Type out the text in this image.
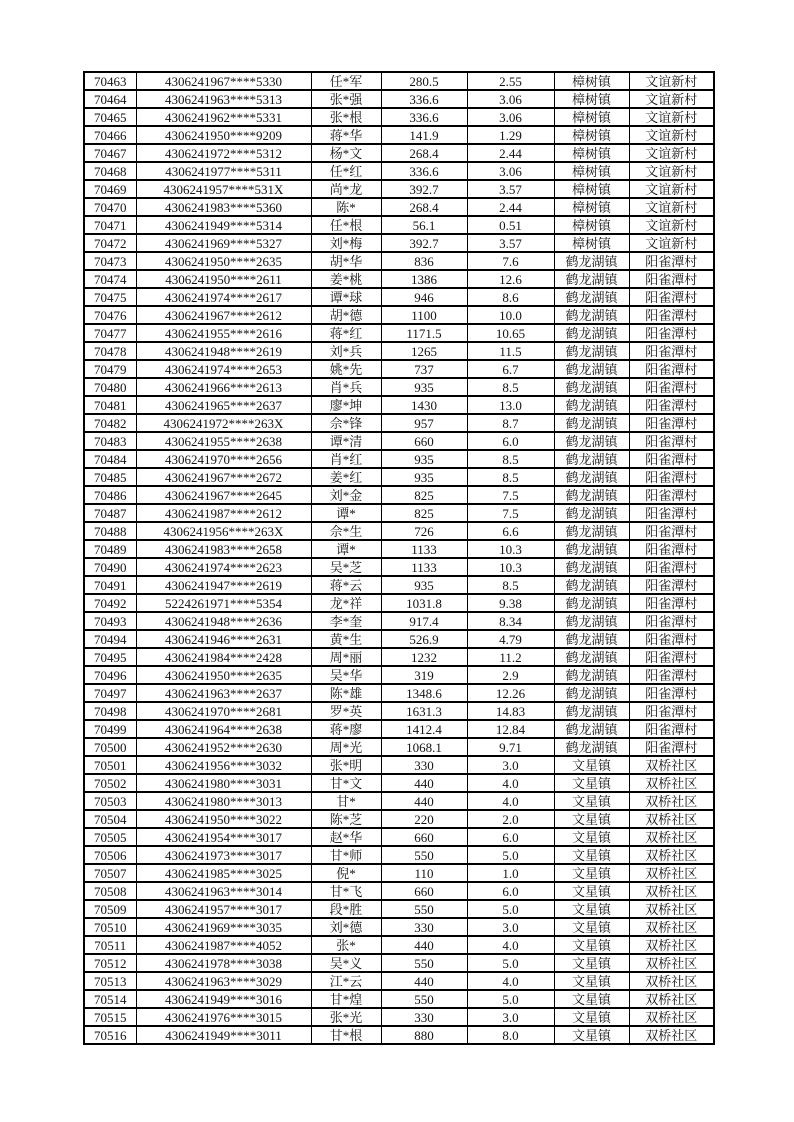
70463	4306241967****5330	任*军	280.5	2.55	樟树镇	文谊新村
70464	4306241963****5313	张*强	336.6	3.06	樟树镇	文谊新村
70465	4306241962****5331	张*根	336.6	3.06	樟树镇	文谊新村
70466	4306241950****9209	蒋*华	141.9	1.29	樟树镇	文谊新村
70467	4306241972****5312	杨*文	268.4	2.44	樟树镇	文谊新村
70468	4306241977****5311	任*红	336.6	3.06	樟树镇	文谊新村
70469	4306241957****531X	尚*龙	392.7	3.57	樟树镇	文谊新村
70470	4306241983****5360	陈*	268.4	2.44	樟树镇	文谊新村
70471	4306241949****5314	任*根	56.1	0.51	樟树镇	文谊新村
70472	4306241969****5327	刘*梅	392.7	3.57	樟树镇	文谊新村
70473	4306241950****2635	胡*华	836	7.6	鹤龙湖镇	阳雀潭村
70474	4306241950****2611	姜*桃	1386	12.6	鹤龙湖镇	阳雀潭村
70475	4306241974****2617	谭*球	946	8.6	鹤龙湖镇	阳雀潭村
70476	4306241967****2612	胡*德	1100	10.0	鹤龙湖镇	阳雀潭村
70477	4306241955****2616	蒋*红	1171.5	10.65	鹤龙湖镇	阳雀潭村
70478	4306241948****2619	刘*兵	1265	11.5	鹤龙湖镇	阳雀潭村
70479	4306241974****2653	姚*先	737	6.7	鹤龙湖镇	阳雀潭村
70480	4306241966****2613	肖*兵	935	8.5	鹤龙湖镇	阳雀潭村
70481	4306241965****2637	廖*坤	1430	13.0	鹤龙湖镇	阳雀潭村
70482	4306241972****263X	佘*锋	957	8.7	鹤龙湖镇	阳雀潭村
70483	4306241955****2638	谭*清	660	6.0	鹤龙湖镇	阳雀潭村
70484	4306241970****2656	肖*红	935	8.5	鹤龙湖镇	阳雀潭村
70485	4306241967****2672	姜*红	935	8.5	鹤龙湖镇	阳雀潭村
70486	4306241967****2645	刘*金	825	7.5	鹤龙湖镇	阳雀潭村
70487	4306241987****2612	谭*	825	7.5	鹤龙湖镇	阳雀潭村
70488	4306241956****263X	佘*生	726	6.6	鹤龙湖镇	阳雀潭村
70489	4306241983****2658	谭*	1133	10.3	鹤龙湖镇	阳雀潭村
70490	4306241974****2623	吴*芝	1133	10.3	鹤龙湖镇	阳雀潭村
70491	4306241947****2619	蒋*云	935	8.5	鹤龙湖镇	阳雀潭村
70492	5224261971****5354	龙*祥	1031.8	9.38	鹤龙湖镇	阳雀潭村
70493	4306241948****2636	李*奎	917.4	8.34	鹤龙湖镇	阳雀潭村
70494	4306241946****2631	黄*生	526.9	4.79	鹤龙湖镇	阳雀潭村
70495	4306241984****2428	周*丽	1232	11.2	鹤龙湖镇	阳雀潭村
70496	4306241950****2635	吴*华	319	2.9	鹤龙湖镇	阳雀潭村
70497	4306241963****2637	陈*雄	1348.6	12.26	鹤龙湖镇	阳雀潭村
70498	4306241970****2681	罗*英	1631.3	14.83	鹤龙湖镇	阳雀潭村
70499	4306241964****2638	蒋*廖	1412.4	12.84	鹤龙湖镇	阳雀潭村
70500	4306241952****2630	周*光	1068.1	9.71	鹤龙湖镇	阳雀潭村
70501	4306241956****3032	张*明	330	3.0	文星镇	双桥社区
70502	4306241980****3031	甘*文	440	4.0	文星镇	双桥社区
70503	4306241980****3013	甘*	440	4.0	文星镇	双桥社区
70504	4306241950****3022	陈*芝	220	2.0	文星镇	双桥社区
70505	4306241954****3017	赵*华	660	6.0	文星镇	双桥社区
70506	4306241973****3017	甘*师	550	5.0	文星镇	双桥社区
70507	4306241985****3025	倪*	110	1.0	文星镇	双桥社区
70508	4306241963****3014	甘*飞	660	6.0	文星镇	双桥社区
70509	4306241957****3017	段*胜	550	5.0	文星镇	双桥社区
70510	4306241969****3035	刘*德	330	3.0	文星镇	双桥社区
70511	4306241987****4052	张*	440	4.0	文星镇	双桥社区
70512	4306241978****3038	吴*义	550	5.0	文星镇	双桥社区
70513	4306241963****3029	江*云	440	4.0	文星镇	双桥社区
70514	4306241949****3016	甘*煌	550	5.0	文星镇	双桥社区
70515	4306241976****3015	张*光	330	3.0	文星镇	双桥社区
70516	4306241949****3011	甘*根	880	8.0	文星镇	双桥社区
